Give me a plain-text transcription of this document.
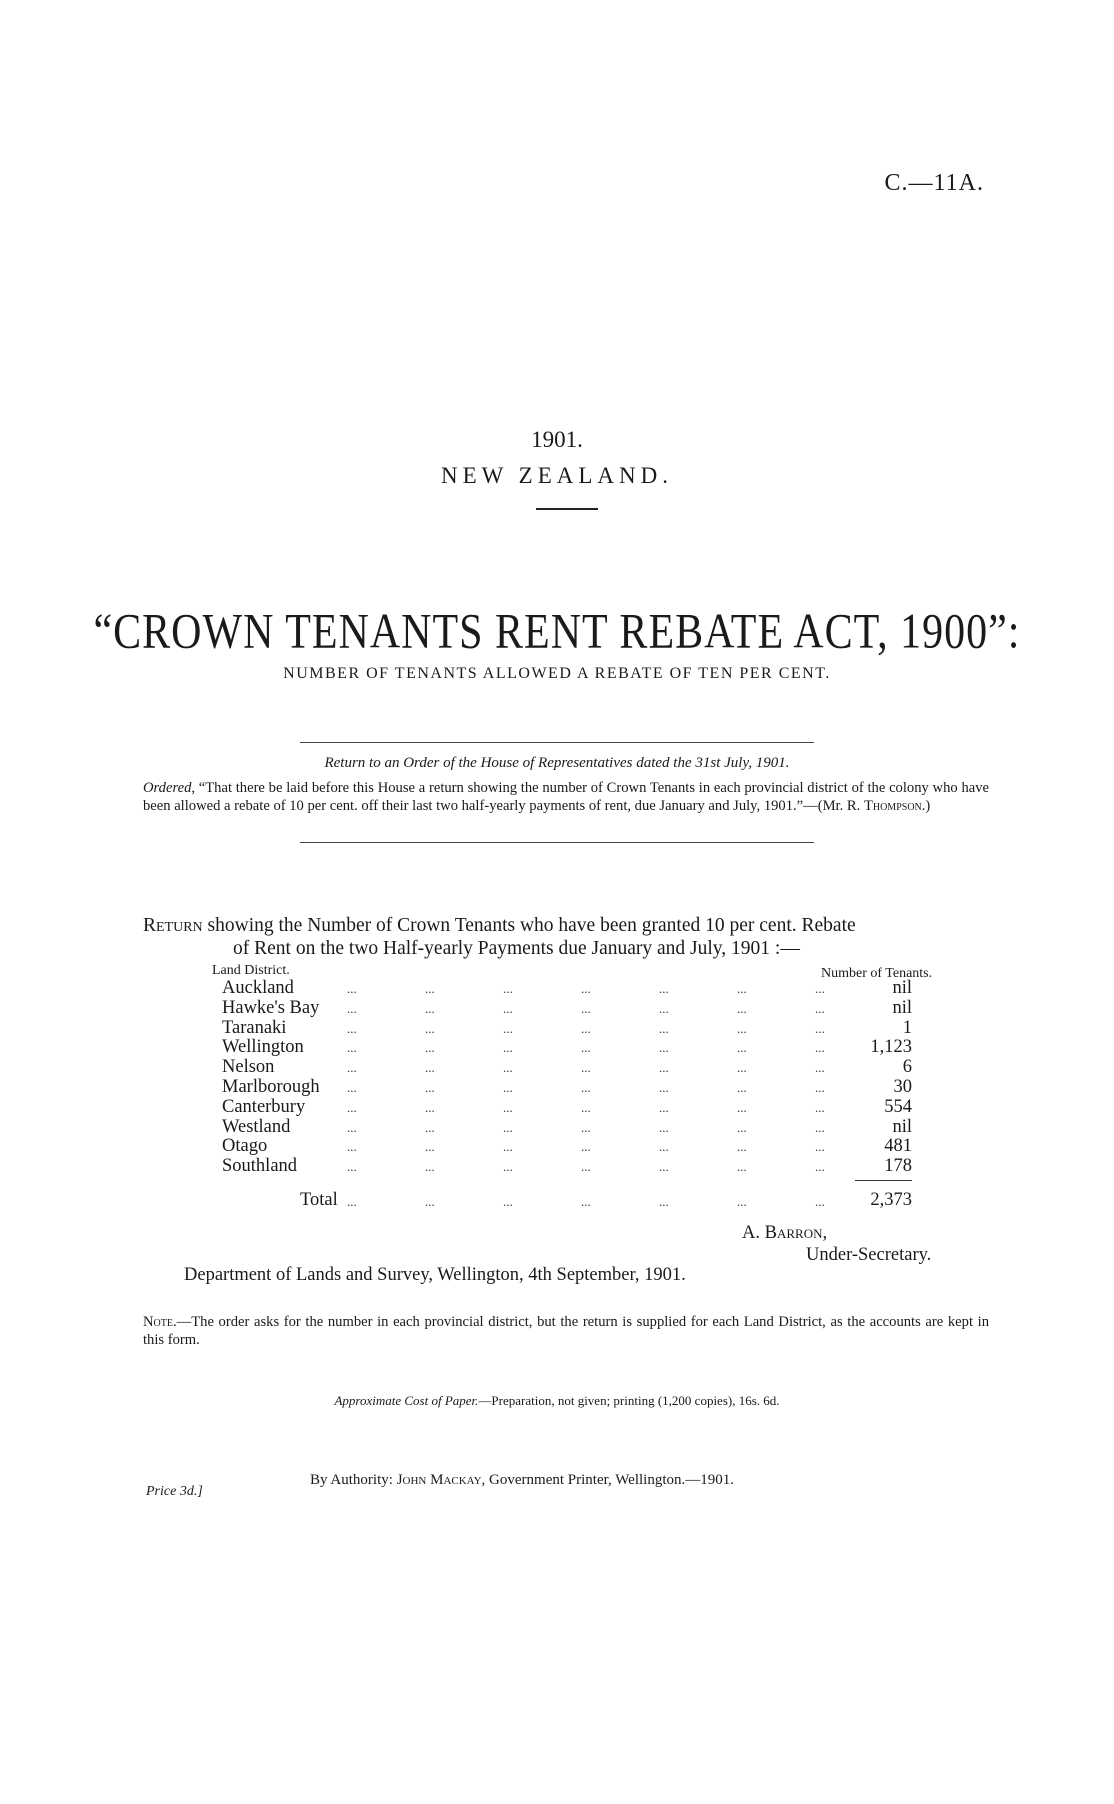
C.—11A.
1901.
NEW ZEALAND.
“CROWN TENANTS RENT REBATE ACT, 1900”:
NUMBER OF TENANTS ALLOWED A REBATE OF TEN PER CENT.
Return to an Order of the House of Representatives dated the 31st July, 1901.
Ordered, “That there be laid before this House a return showing the number of Crown Tenants in each provincial district of the colony who have been allowed a rebate of 10 per cent. off their last two half-yearly payments of rent, due January and July, 1901.”—(Mr. R. Thompson.)
Return showing the Number of Crown Tenants who have been granted 10 per cent. Rebate
of Rent on the two Half-yearly Payments due January and July, 1901 :—
Land District.	Number of Tenants.
Auckland	...	...	...	...	...	...	...	nil
Hawke's Bay ...	...	...	...	...	...	...	nil
Taranaki	...	...	...	...	...	...	...	1
Wellington	...	...	...	...	...	...	...	1,123
Nelson	...	...	...	...	...	...	...	6
Marlborough ...	...	...	...	...	...	...	30
Canterbury	...	...	...	...	...	...	...	554
Westland	...	...	...	...	...	...	...	nil
Otago	...	...	...	...	...	...	...	481
Southland	...	...	...	...	...	...	...	178
Total ...	...	...	...	...	...	... 2,373
A. Barron,
Under-Secretary.
Department of Lands and Survey, Wellington, 4th September, 1901.
Note.—The order asks for the number in each provincial district, but the return is supplied for each Land District, as the accounts are kept in this form.
Approximate Cost of Paper.—Preparation, not given; printing (1,200 copies), 16s. 6d.
Price 3d.]
By Authority: John Mackay, Government Printer, Wellington.—1901.
